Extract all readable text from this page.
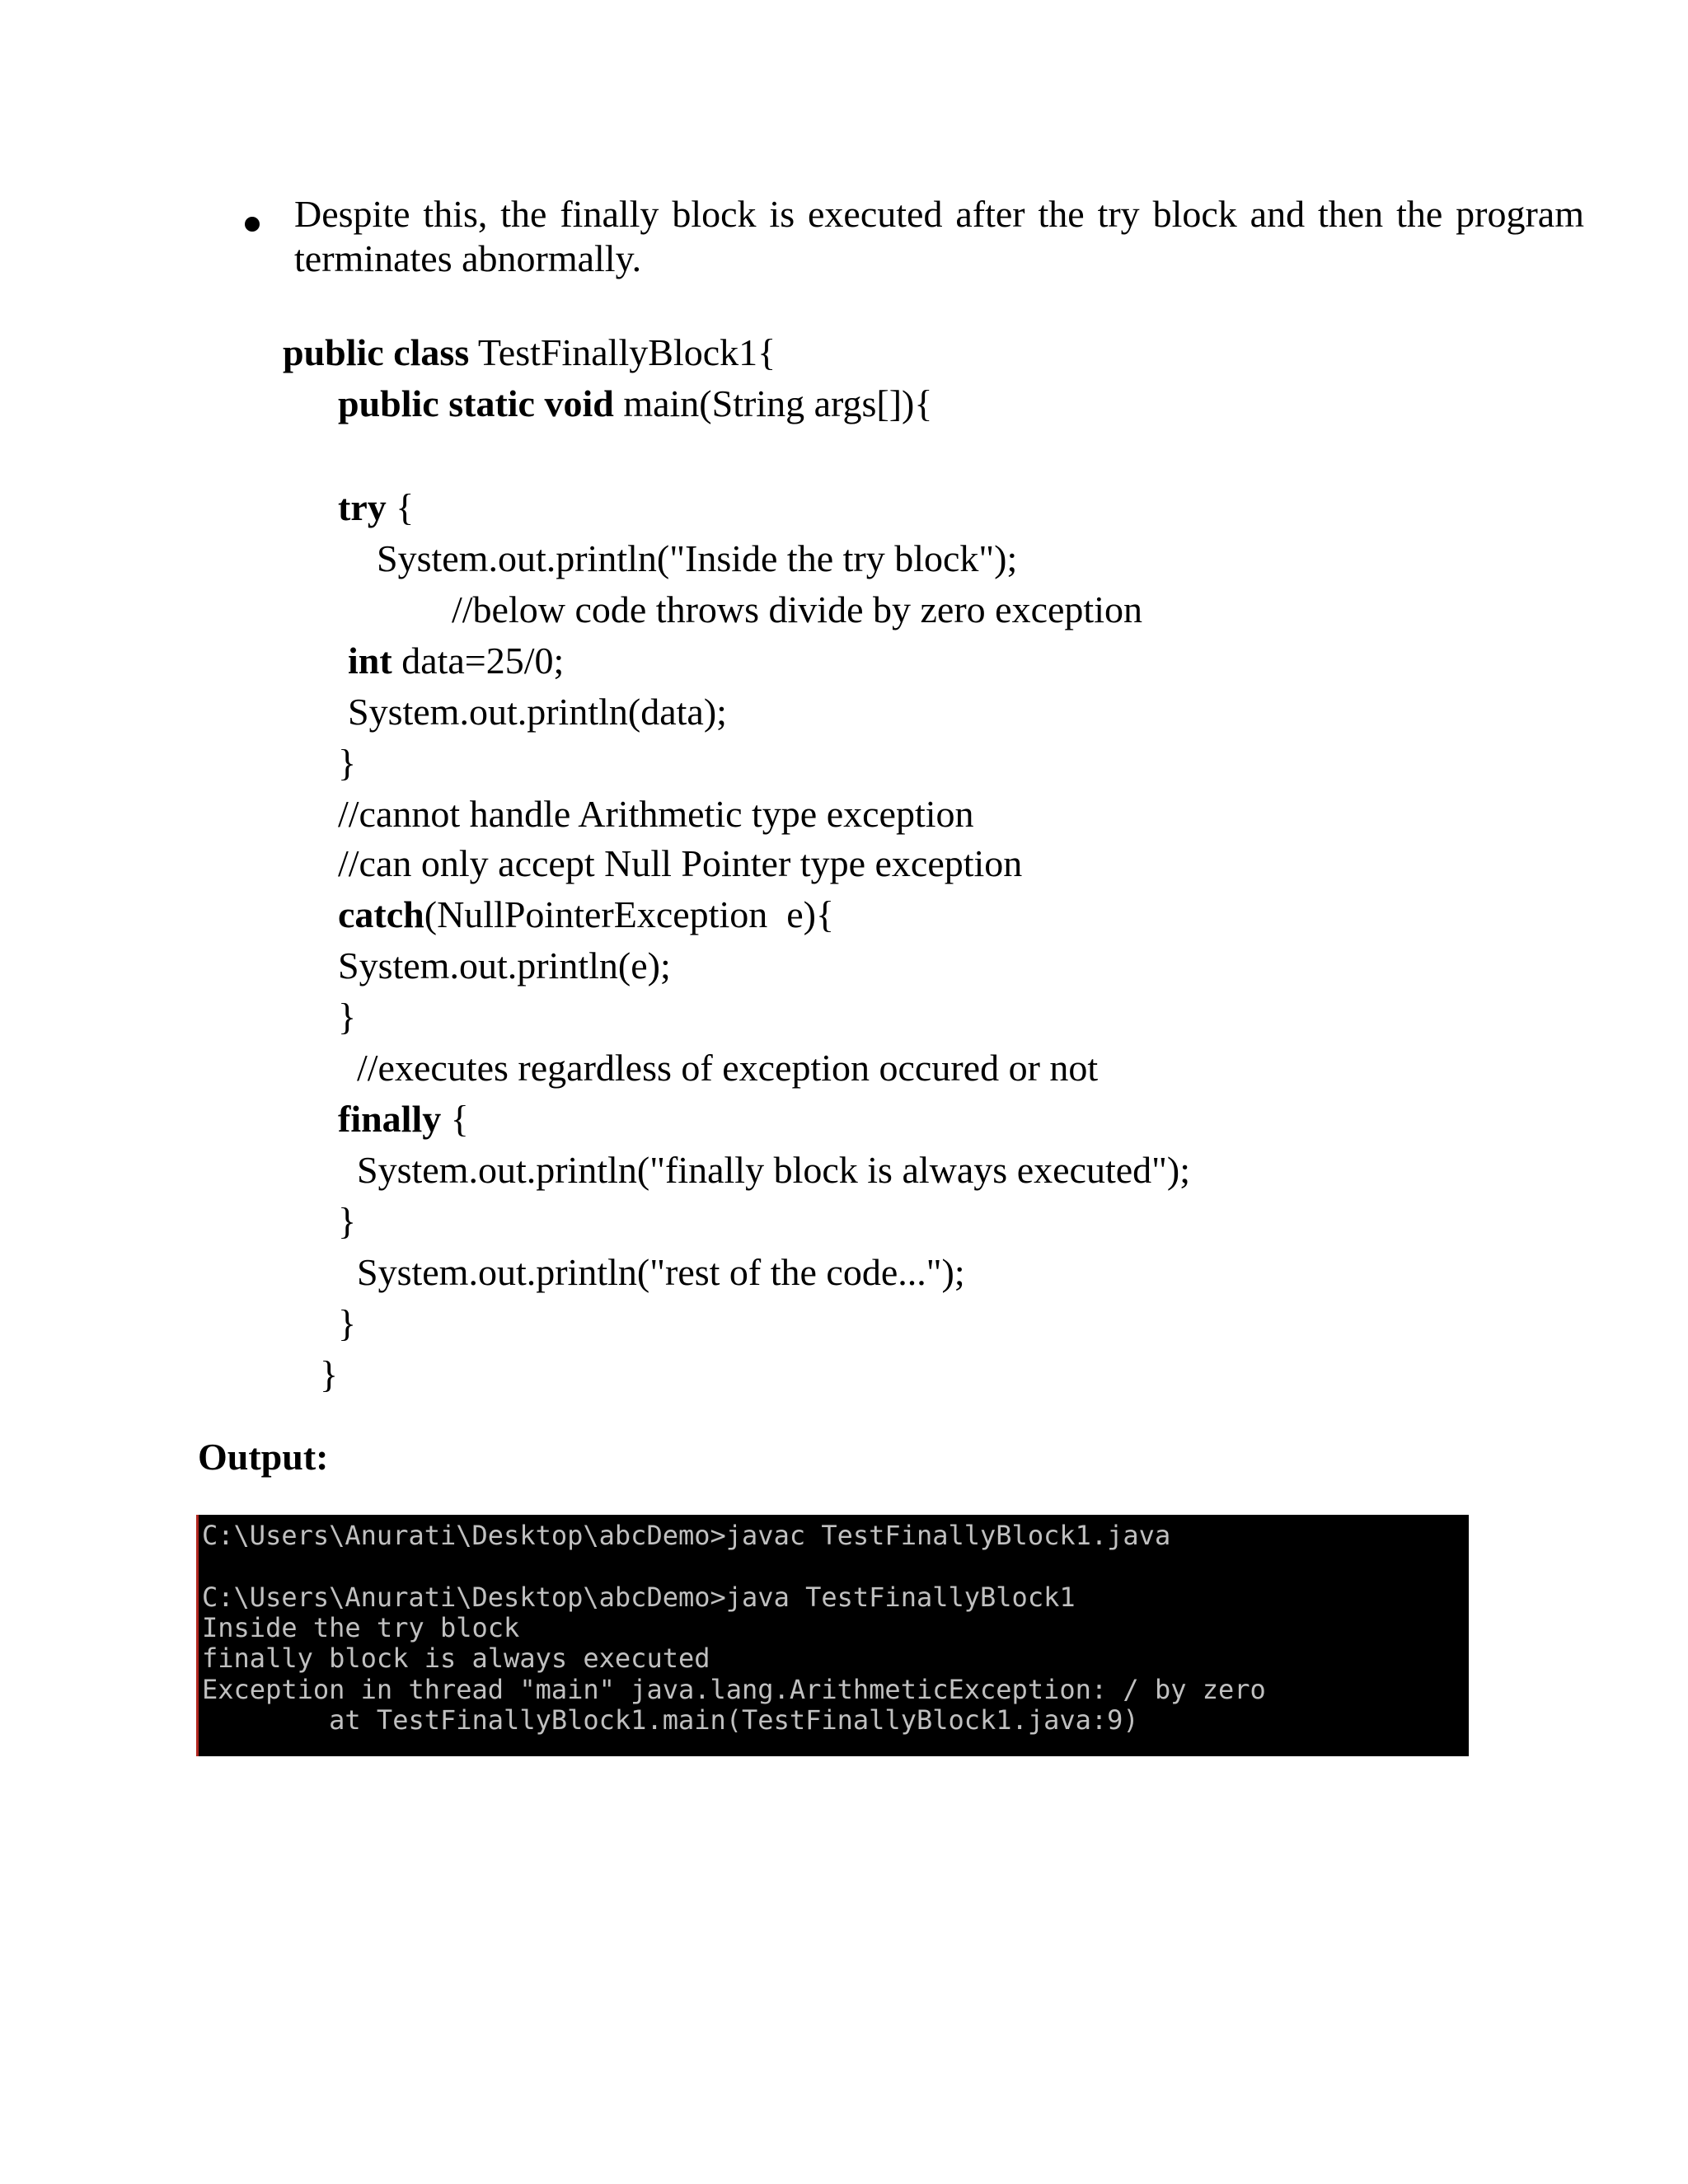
Despite this, the finally block is executed after the try block and then the program terminates abnormally.
public class TestFinallyBlock1{
public static void main(String args[]){
try {
System.out.println("Inside the try block");
//below code throws divide by zero exception
int data=25/0;
System.out.println(data);
}
//cannot handle Arithmetic type exception
//can only accept Null Pointer type exception
catch(NullPointerException  e){
System.out.println(e);
}
//executes regardless of exception occured or not
finally {
System.out.println("finally block is always executed");
}
System.out.println("rest of the code...");
}
}
Output:
C:\Users\Anurati\Desktop\abcDemo>javac TestFinallyBlock1.java
C:\Users\Anurati\Desktop\abcDemo>java TestFinallyBlock1
Inside the try block
finally block is always executed
Exception in thread "main" java.lang.ArithmeticException: / by zero
at TestFinallyBlock1.main(TestFinallyBlock1.java:9)
